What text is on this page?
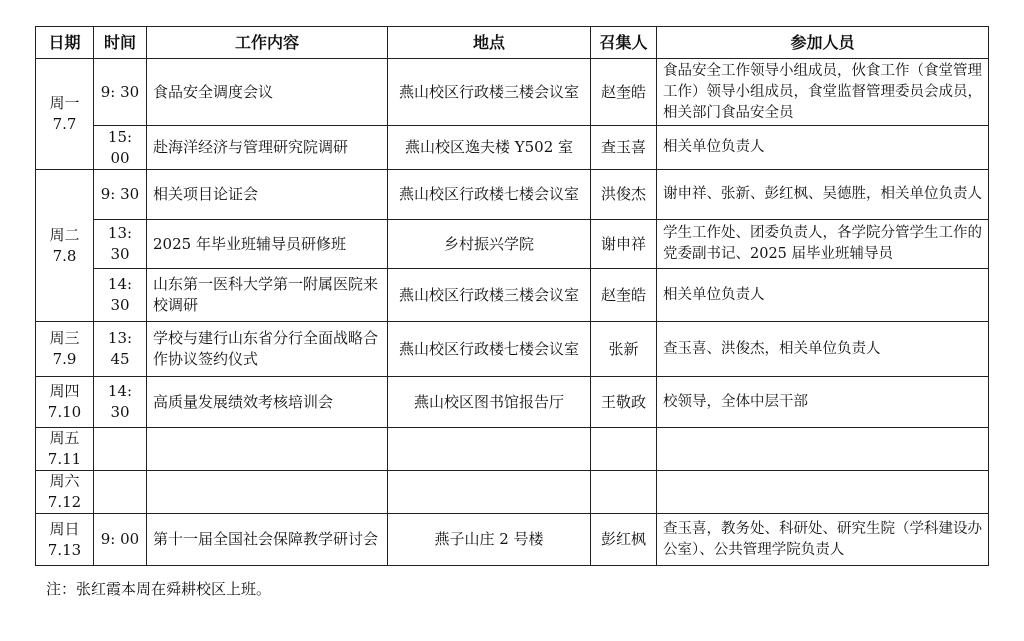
日期	时间	工作内容	地点	召集人	参加人员

周一
7.7	9: 30	食品安全调度会议	燕山校区行政楼三楼会议室	赵奎皓	食品安全工作领导小组成员，伙食工作（食堂管理工作）领导小组成员，食堂监督管理委员会成员，相关部门食品安全员
	15: 00	赴海洋经济与管理研究院调研	燕山校区逸夫楼 Y502 室	查玉喜	相关单位负责人

周二
7.8	9: 30	相关项目论证会	燕山校区行政楼七楼会议室	洪俊杰	谢申祥、张新、彭红枫、吴德胜，相关单位负责人
	13: 30	2025 年毕业班辅导员研修班	乡村振兴学院	谢申祥	学生工作处、团委负责人，各学院分管学生工作的党委副书记、2025 届毕业班辅导员
	14: 30	山东第一医科大学第一附属医院来校调研	燕山校区行政楼三楼会议室	赵奎皓	相关单位负责人

周三
7.9	13: 45	学校与建行山东省分行全面战略合作协议签约仪式	燕山校区行政楼七楼会议室	张新	查玉喜、洪俊杰，相关单位负责人

周四
7.10	14: 30	高质量发展绩效考核培训会	燕山校区图书馆报告厅	王敬政	校领导，全体中层干部

周五
7.11					

周六
7.12					

周日
7.13	9: 00	第十一届全国社会保障教学研讨会	燕子山庄 2 号楼	彭红枫	查玉喜，教务处、科研处、研究生院（学科建设办公室）、公共管理学院负责人
注：张红霞本周在舜耕校区上班。
